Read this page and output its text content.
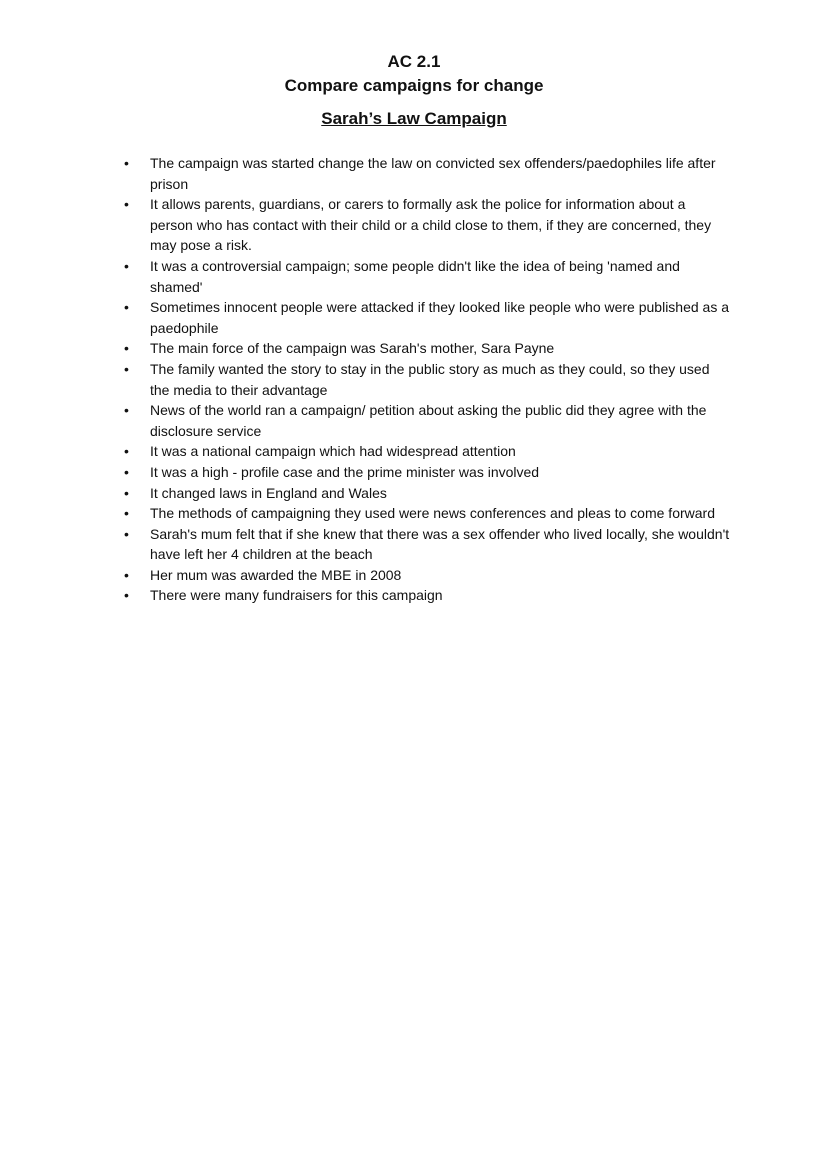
AC 2.1
Compare campaigns for change
Sarah’s Law Campaign
•	The campaign was started change the law on convicted sex offenders/paedophiles life after prison
•	It allows parents, guardians, or carers to formally ask the police for information about a person who has contact with their child or a child close to them, if they are concerned, they may pose a risk.
•	It was a controversial campaign; some people didn't like the idea of being 'named and shamed'
•	Sometimes innocent people were attacked if they looked like people who were published as a paedophile
•	The main force of the campaign was Sarah's mother, Sara Payne
•	The family wanted the story to stay in the public story as much as they could, so they used the media to their advantage
•	News of the world ran a campaign/ petition about asking the public did they agree with the disclosure service
•	It was a national campaign which had widespread attention
•	It was a high - profile case and the prime minister was involved
•	It changed laws in England and Wales
•	The methods of campaigning they used were news conferences and pleas to come forward
•	Sarah's mum felt that if she knew that there was a sex offender who lived locally, she wouldn't have left her 4 children at the beach
•	Her mum was awarded the MBE in 2008
•	There were many fundraisers for this campaign
